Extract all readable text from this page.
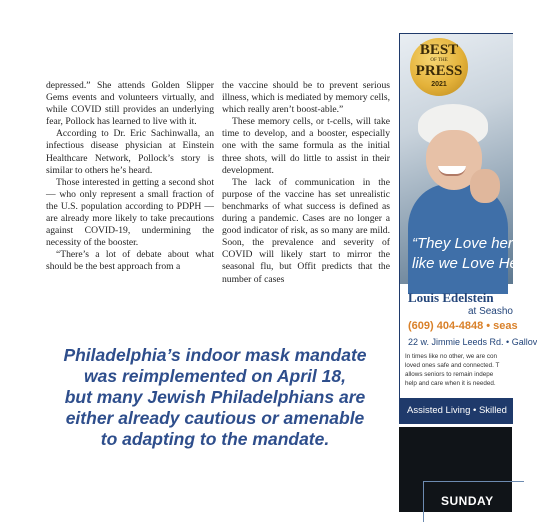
depressed.” She attends Golden Slipper Gems events and volunteers virtually, and while COVID still provides an underlying fear, Pollock has learned to live with it.

According to Dr. Eric Sachinwalla, an infectious disease physician at Einstein Healthcare Network, Pollock’s story is similar to others he’s heard.

Those interested in getting a second shot — who only represent a small fraction of the U.S. population according to PDPH — are already more likely to take precautions against COVID-19, undermining the necessity of the booster.

“There’s a lot of debate about what should be the best approach from a

the vaccine should be to prevent serious illness, which is mediated by memory cells, which really aren’t boost-able.”

These memory cells, or t-cells, will take time to develop, and a booster, especially one with the same formula as the initial three shots, will do little to assist in their development.

The lack of communication in the purpose of the vaccine has set unrealistic benchmarks of what success is defined as during a pandemic. Cases are no longer a good indicator of risk, as so many are mild. Soon, the prevalence and severity of COVID will likely start to mirror the seasonal flu, but Offit predicts that the number of cases

Philadelphia’s indoor mask mandate
was reimplemented on April 18,
but many Jewish Philadelphians are
either already cautious or amenable
to adapting to the mandate.
BEST
OF THE
PRESS
2021
“They Love her
like we Love Her”
Louis Edelstein
at Seasho
(609) 404-4848 • seas
22 w. Jimmie Leeds Rd. • Gallov
In times like no other, we are con
loved ones safe and connected. T
allows seniors to remain indepe
help and care when it is needed.
Assisted Living • Skilled
SUNDAY
